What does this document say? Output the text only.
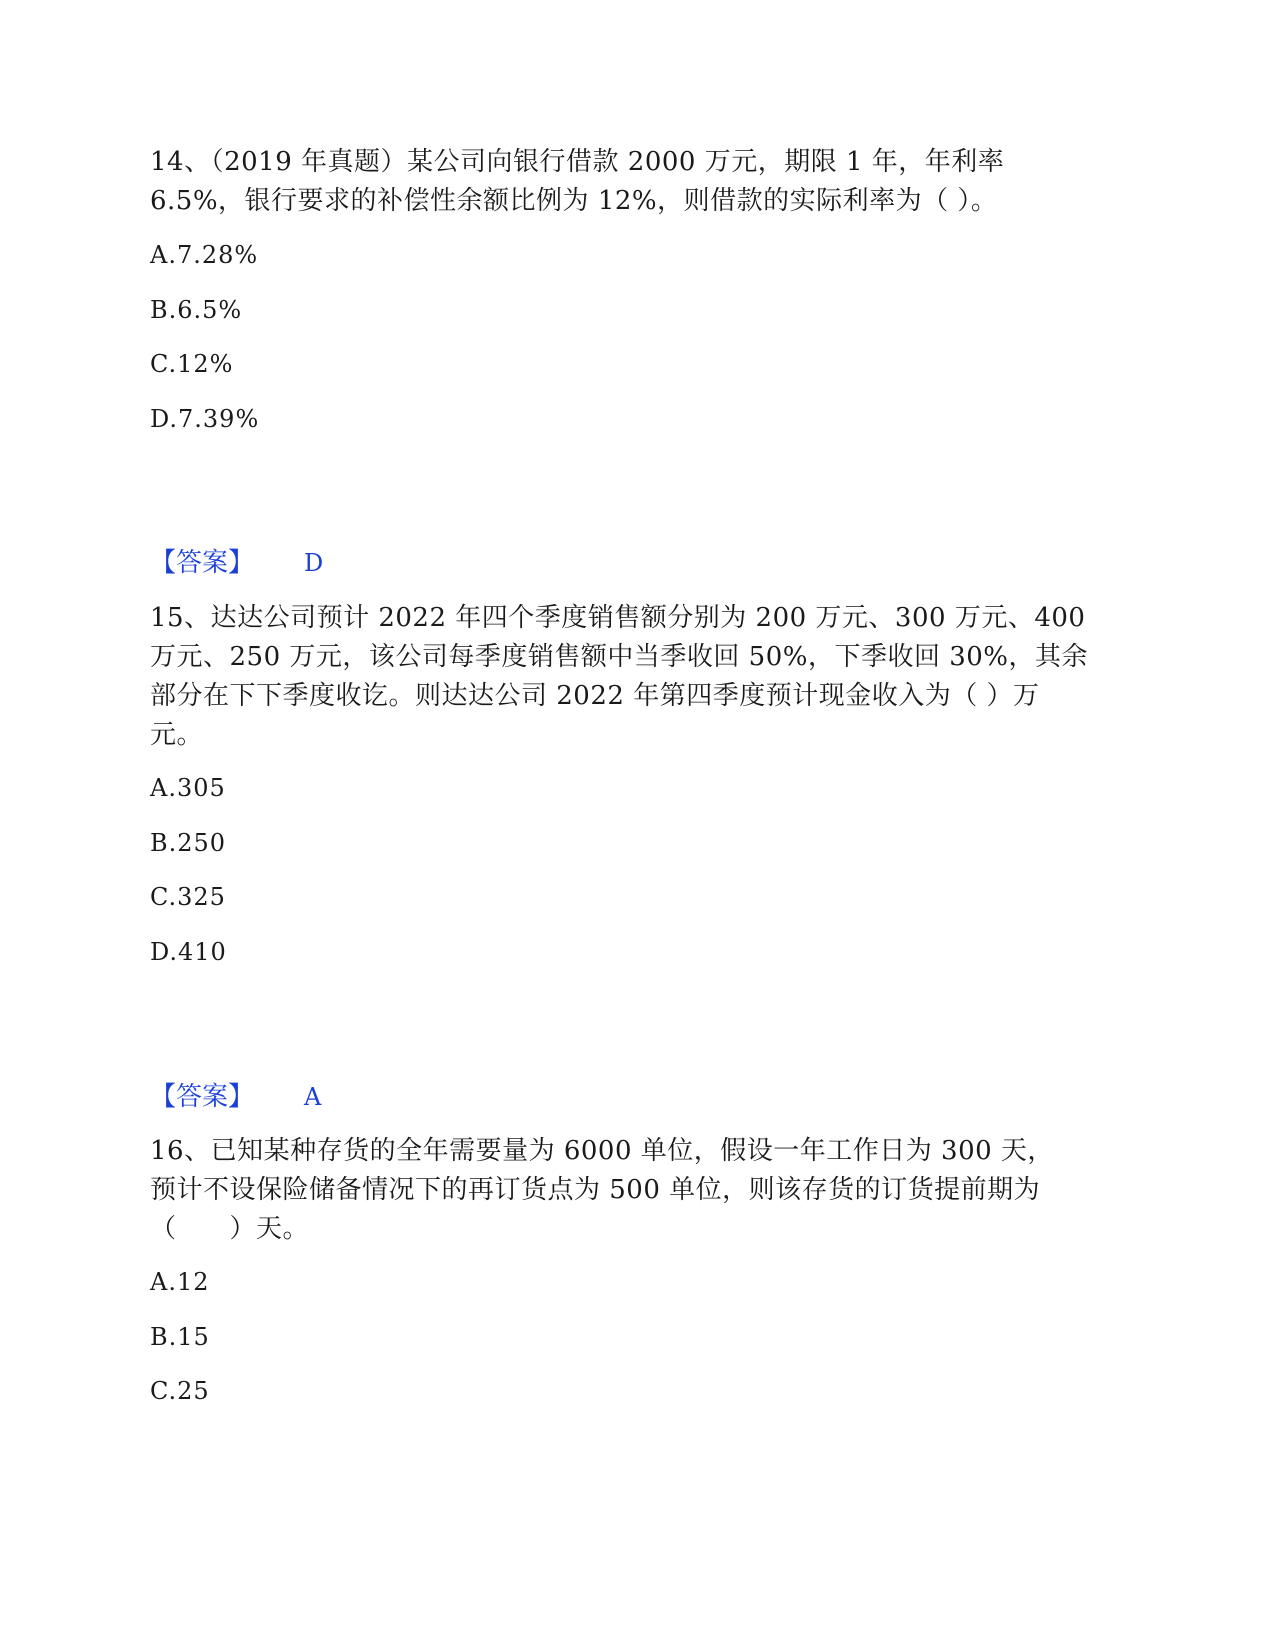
14、（2019 年真题）某公司向银行借款 2000 万元，期限 1 年，年利率
6.5%，银行要求的补偿性余额比例为 12%，则借款的实际利率为（ ）。
A.7.28%
B.6.5%
C.12%
D.7.39%
【答案】 D
15、达达公司预计 2022 年四个季度销售额分别为 200 万元、300 万元、400
万元、250 万元，该公司每季度销售额中当季收回 50%，下季收回 30%，其余
部分在下下季度收讫。则达达公司 2022 年第四季度预计现金收入为（ ）万
元。
A.305
B.250
C.325
D.410
【答案】 A
16、已知某种存货的全年需要量为 6000 单位，假设一年工作日为 300 天，
预计不设保险储备情况下的再订货点为 500 单位，则该存货的订货提前期为
（　　）天。
A.12
B.15
C.25
